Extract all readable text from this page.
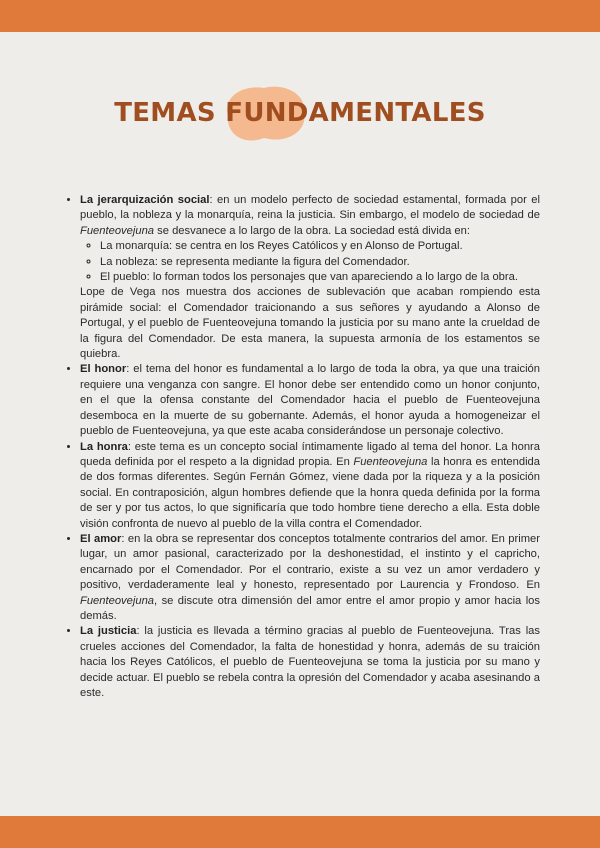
TEMAS FUNDAMENTALES
• La jerarquización social: en un modelo perfecto de sociedad estamental, formada por el pueblo, la nobleza y la monarquía, reina la justicia. Sin embargo, el modelo de sociedad de Fuenteovejuna se desvanece a lo largo de la obra. La sociedad está divida en:
◦ La monarquía: se centra en los Reyes Católicos y en Alonso de Portugal.
◦ La nobleza: se representa mediante la figura del Comendador.
◦ El pueblo: lo forman todos los personajes que van apareciendo a lo largo de la obra.
Lope de Vega nos muestra dos acciones de sublevación que acaban rompiendo esta pirámide social: el Comendador traicionando a sus señores y ayudando a Alonso de Portugal, y el pueblo de Fuenteovejuna tomando la justicia por su mano ante la crueldad de la figura del Comendador. De esta manera, la supuesta armonía de los estamentos se quiebra.
• El honor: el tema del honor es fundamental a lo largo de toda la obra, ya que una traición requiere una venganza con sangre. El honor debe ser entendido como un honor conjunto, en el que la ofensa constante del Comendador hacia el pueblo de Fuenteovejuna desemboca en la muerte de su gobernante. Además, el honor ayuda a homogeneizar el pueblo de Fuenteovejuna, ya que este acaba considerándose un personaje colectivo.
• La honra: este tema es un concepto social íntimamente ligado al tema del honor. La honra queda definida por el respeto a la dignidad propia. En Fuenteovejuna la honra es entendida de dos formas diferentes. Según Fernán Gómez, viene dada por la riqueza y a la posición social. En contraposición, algun hombres defiende que la honra queda definida por la forma de ser y por tus actos, lo que significaría que todo hombre tiene derecho a ella. Esta doble visión confronta de nuevo al pueblo de la villa contra el Comendador.
• El amor: en la obra se representar dos conceptos totalmente contrarios del amor. En primer lugar, un amor pasional, caracterizado por la deshonestidad, el instinto y el capricho, encarnado por el Comendador. Por el contrario, existe a su vez un amor verdadero y positivo, verdaderamente leal y honesto, representado por Laurencia y Frondoso. En Fuenteovejuna, se discute otra dimensión del amor entre el amor propio y amor hacia los demás.
• La justicia: la justicia es llevada a término gracias al pueblo de Fuenteovejuna. Tras las crueles acciones del Comendador, la falta de honestidad y honra, además de su traición hacia los Reyes Católicos, el pueblo de Fuenteovejuna se toma la justicia por su mano y decide actuar. El pueblo se rebela contra la opresión del Comendador y acaba asesinando a este.
